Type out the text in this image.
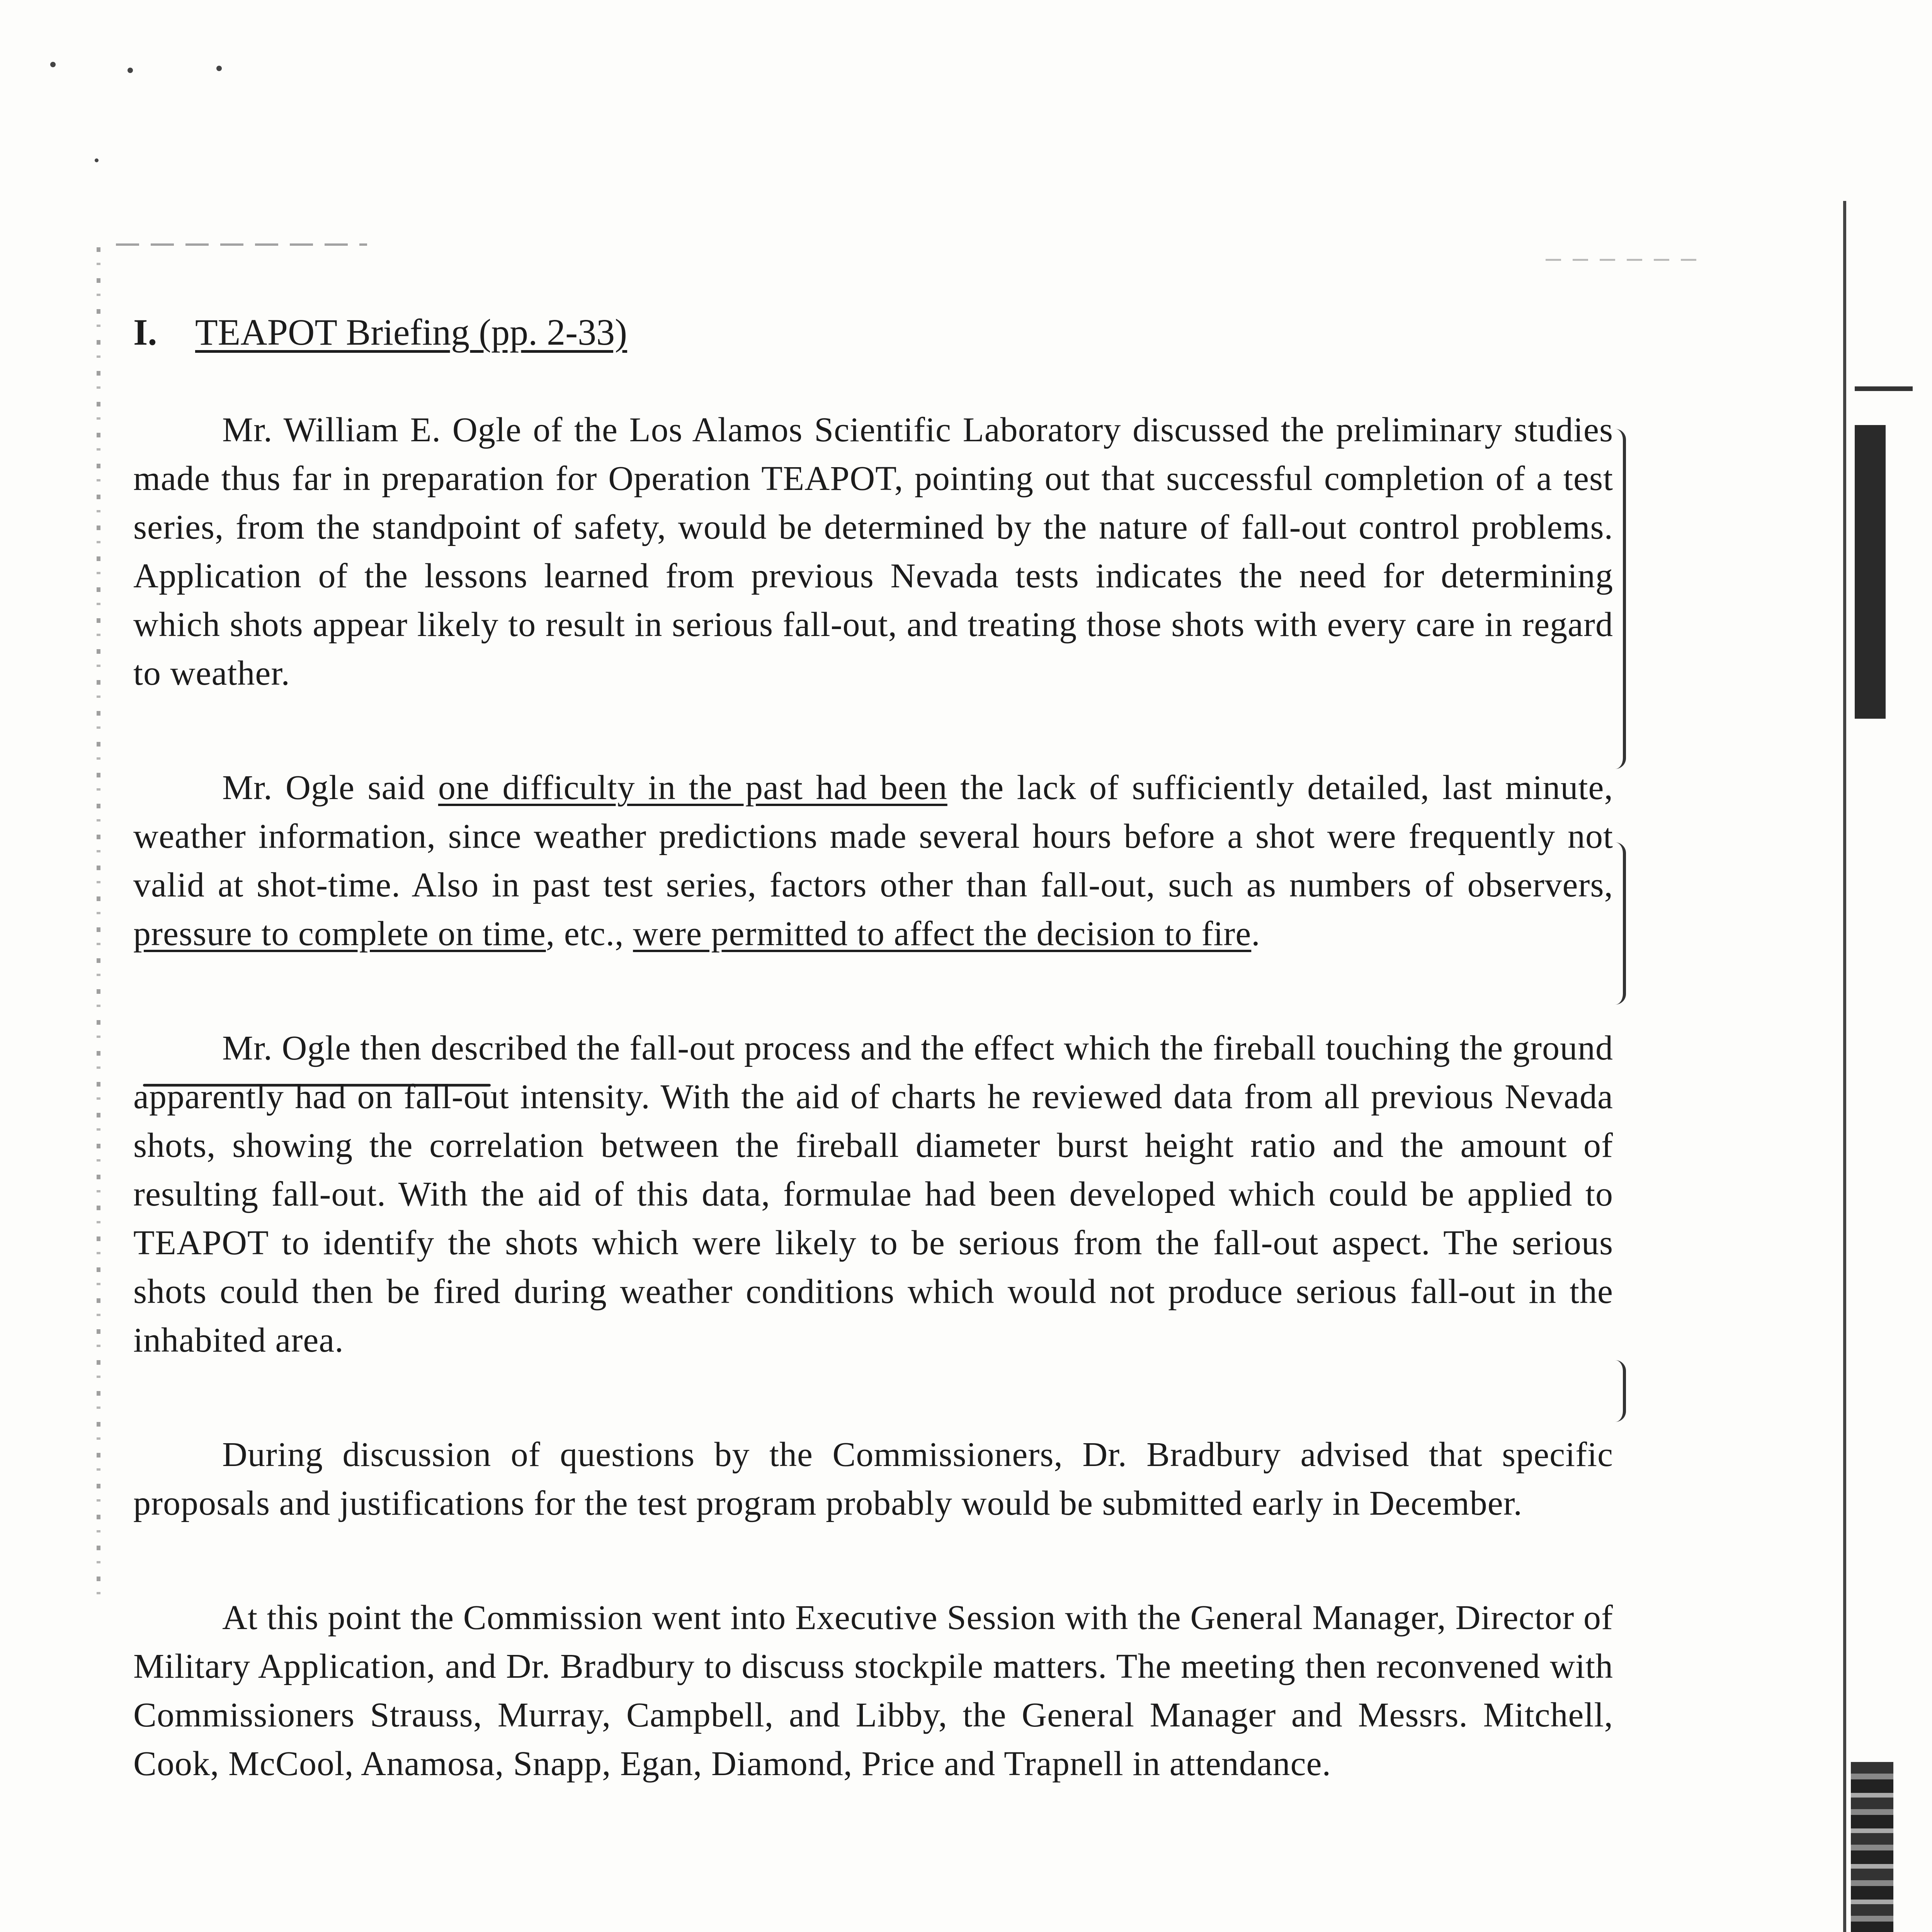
I. TEAPOT Briefing (pp. 2-33)

Mr. William E. Ogle of the Los Alamos Scientific Laboratory discussed the preliminary studies made thus far in preparation for Operation TEAPOT, pointing out that successful completion of a test series, from the standpoint of safety, would be determined by the nature of fall-out control problems. Application of the lessons learned from previous Nevada tests indicates the need for determining which shots appear likely to result in serious fall-out, and treating those shots with every care in regard to weather.

Mr. Ogle said one difficulty in the past had been the lack of sufficiently detailed, last minute, weather information, since weather predictions made several hours before a shot were frequently not valid at shot-time. Also in past test series, factors other than fall-out, such as numbers of observers, pressure to complete on time, etc., were permitted to affect the decision to fire.

Mr. Ogle then described the fall-out process and the effect which the fireball touching the ground apparently had on fall-out intensity. With the aid of charts he reviewed data from all previous Nevada shots, showing the correlation between the fireball diameter burst height ratio and the amount of resulting fall-out. With the aid of this data, formulae had been developed which could be applied to TEAPOT to identify the shots which were likely to be serious from the fall-out aspect. The serious shots could then be fired during weather conditions which would not produce serious fall-out in the inhabited area.

During discussion of questions by the Commissioners, Dr. Bradbury advised that specific proposals and justifications for the test program probably would be submitted early in December.

At this point the Commission went into Executive Session with the General Manager, Director of Military Application, and Dr. Bradbury to discuss stockpile matters. The meeting then reconvened with Commissioners Strauss, Murray, Campbell, and Libby, the General Manager and Messrs. Mitchell, Cook, McCool, Anamosa, Snapp, Egan, Diamond, Price and Trapnell in attendance.
